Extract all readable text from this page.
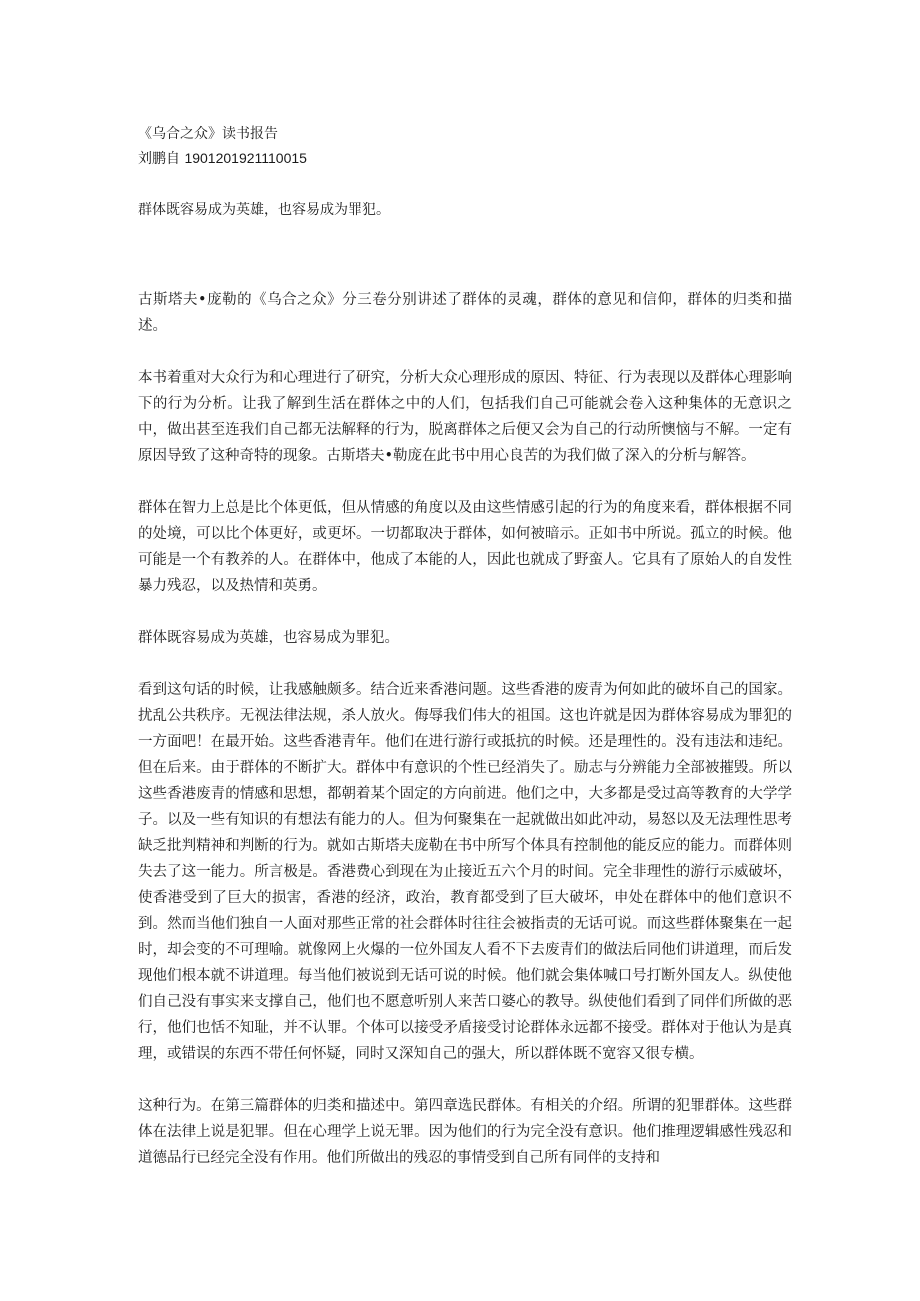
《乌合之众》读书报告
刘鹏自 1901201921110015
群体既容易成为英雄，也容易成为罪犯。

古斯塔夫•庞勒的《乌合之众》分三卷分别讲述了群体的灵魂，群体的意见和信仰，群体的归类和描述。

本书着重对大众行为和心理进行了研究，分析大众心理形成的原因、特征、行为表现以及群体心理影响下的行为分析。让我了解到生活在群体之中的人们，包括我们自己可能就会卷入这种集体的无意识之中，做出甚至连我们自己都无法解释的行为，脱离群体之后便又会为自己的行动所懊恼与不解。一定有原因导致了这种奇特的现象。古斯塔夫•勒庞在此书中用心良苦的为我们做了深入的分析与解答。

群体在智力上总是比个体更低，但从情感的角度以及由这些情感引起的行为的角度来看，群体根据不同的处境，可以比个体更好，或更坏。一切都取决于群体，如何被暗示。正如书中所说。孤立的时候。他可能是一个有教养的人。在群体中，他成了本能的人，因此也就成了野蛮人。它具有了原始人的自发性暴力残忍，以及热情和英勇。

群体既容易成为英雄，也容易成为罪犯。

看到这句话的时候，让我感触颇多。结合近来香港问题。这些香港的废青为何如此的破坏自己的国家。扰乱公共秩序。无视法律法规，杀人放火。侮辱我们伟大的祖国。这也许就是因为群体容易成为罪犯的一方面吧！在最开始。这些香港青年。他们在进行游行或抵抗的时候。还是理性的。没有违法和违纪。但在后来。由于群体的不断扩大。群体中有意识的个性已经消失了。励志与分辨能力全部被摧毁。所以这些香港废青的情感和思想，都朝着某个固定的方向前进。他们之中，大多都是受过高等教育的大学学子。以及一些有知识的有想法有能力的人。但为何聚集在一起就做出如此冲动，易怒以及无法理性思考缺乏批判精神和判断的行为。就如古斯塔夫庞勒在书中所写个体具有控制他的能反应的能力。而群体则失去了这一能力。所言极是。香港费心到现在为止接近五六个月的时间。完全非理性的游行示威破坏，使香港受到了巨大的损害，香港的经济，政治，教育都受到了巨大破坏，申处在群体中的他们意识不到。然而当他们独自一人面对那些正常的社会群体时往往会被指责的无话可说。而这些群体聚集在一起时，却会变的不可理喻。就像网上火爆的一位外国友人看不下去废青们的做法后同他们讲道理，而后发现他们根本就不讲道理。每当他们被说到无话可说的时候。他们就会集体喊口号打断外国友人。纵使他们自己没有事实来支撑自己，他们也不愿意听别人来苦口婆心的教导。纵使他们看到了同伴们所做的恶行，他们也恬不知耻，并不认罪。个体可以接受矛盾接受讨论群体永远都不接受。群体对于他认为是真理，或错误的东西不带任何怀疑，同时又深知自己的强大，所以群体既不宽容又很专横。

这种行为。在第三篇群体的归类和描述中。第四章选民群体。有相关的介绍。所谓的犯罪群体。这些群体在法律上说是犯罪。但在心理学上说无罪。因为他们的行为完全没有意识。他们推理逻辑感性残忍和道德品行已经完全没有作用。他们所做出的残忍的事情受到自己所有同伴的支持和
